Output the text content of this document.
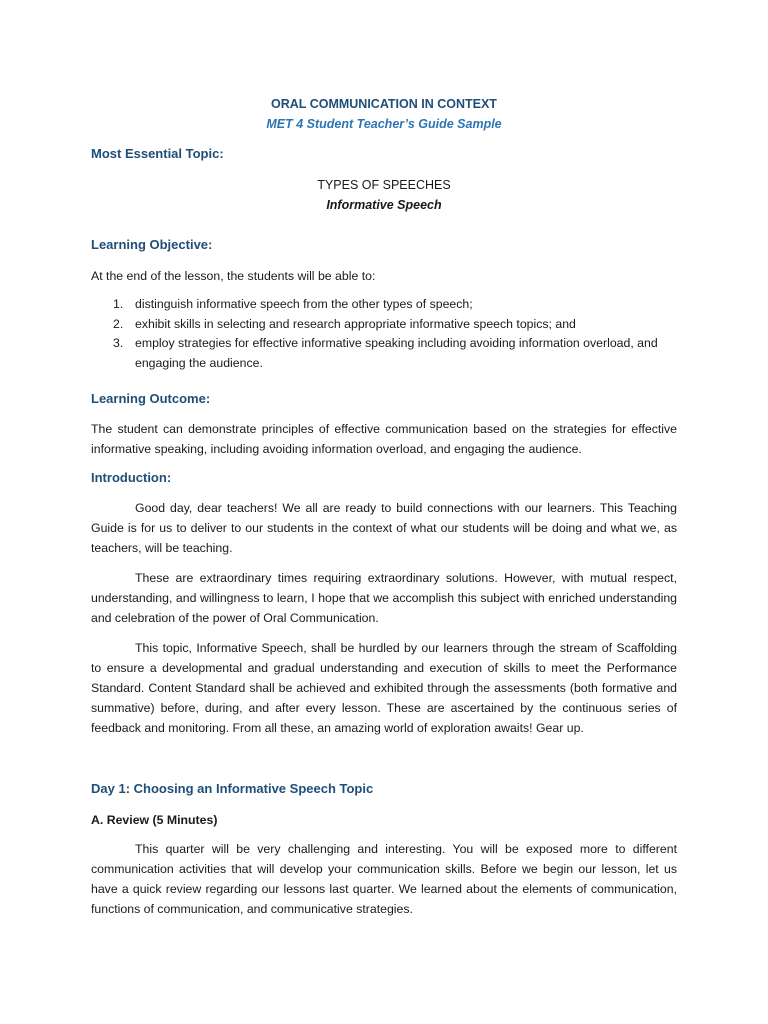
ORAL COMMUNICATION IN CONTEXT

MET 4 Student Teacher’s Guide Sample

Most Essential Topic:

TYPES OF SPEECHES

Informative Speech

Learning Objective:

At the end of the lesson, the students will be able to:

1. distinguish informative speech from the other types of speech;
2. exhibit skills in selecting and research appropriate informative speech topics; and
3. employ strategies for effective informative speaking including avoiding information overload, and engaging the audience.

Learning Outcome:

The student can demonstrate principles of effective communication based on the strategies for effective informative speaking, including avoiding information overload, and engaging the audience.

Introduction:

Good day, dear teachers! We all are ready to build connections with our learners. This Teaching Guide is for us to deliver to our students in the context of what our students will be doing and what we, as teachers, will be teaching.

These are extraordinary times requiring extraordinary solutions. However, with mutual respect, understanding, and willingness to learn, I hope that we accomplish this subject with enriched understanding and celebration of the power of Oral Communication.

This topic, Informative Speech, shall be hurdled by our learners through the stream of Scaffolding to ensure a developmental and gradual understanding and execution of skills to meet the Performance Standard. Content Standard shall be achieved and exhibited through the assessments (both formative and summative) before, during, and after every lesson. These are ascertained by the continuous series of feedback and monitoring. From all these, an amazing world of exploration awaits! Gear up.

Day 1: Choosing an Informative Speech Topic

A. Review (5 Minutes)

This quarter will be very challenging and interesting. You will be exposed more to different communication activities that will develop your communication skills. Before we begin our lesson, let us have a quick review regarding our lessons last quarter. We learned about the elements of communication, functions of communication, and communicative strategies.
